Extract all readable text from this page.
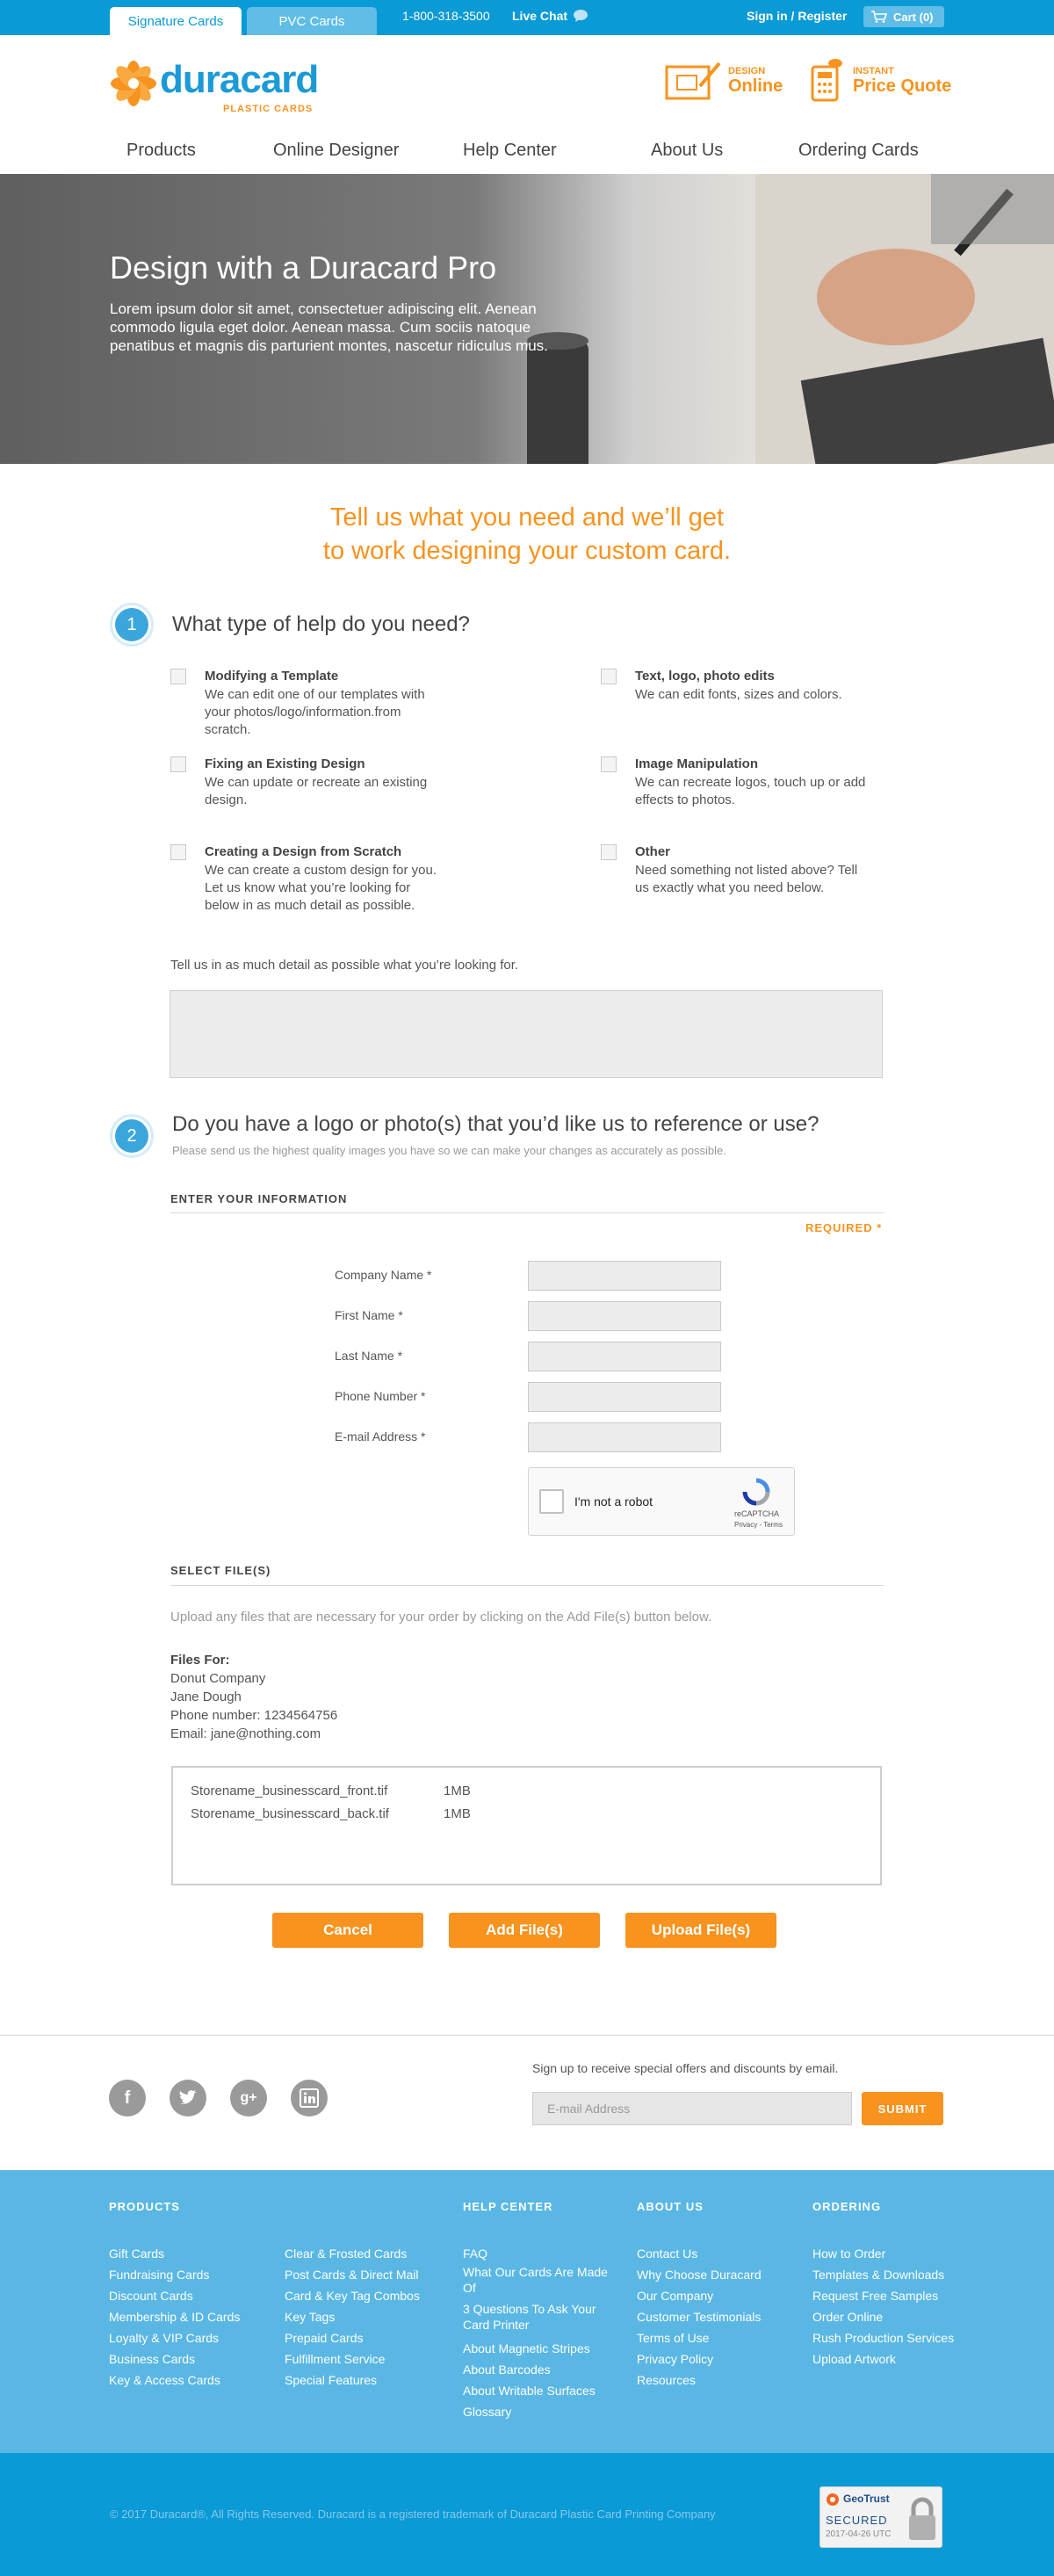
Signature Cards	PVC Cards	1-800-318-3500 Live Chat	Sign in / Register	Cart (0)
duracard
PLASTIC CARDS
DESIGN
Online
INSTANT
Price Quote
Products	Online Designer	Help Center	About Us	Ordering Cards
Design with a Duracard Pro
Lorem ipsum dolor sit amet, consectetuer adipiscing elit. Aenean commodo ligula eget dolor. Aenean massa. Cum sociis natoque penatibus et magnis dis parturient montes, nascetur ridiculus mus.
Tell us what you need and we’ll get
to work designing your custom card.
1	What type of help do you need?
Modifying a Template
We can edit one of our templates with
your photos/logo/information.from
scratch.
Fixing an Existing Design
We can update or recreate an existing
design.
Creating a Design from Scratch
We can create a custom design for you.
Let us know what you’re looking for
below in as much detail as possible.
Text, logo, photo edits
We can edit fonts, sizes and colors.
Image Manipulation
We can recreate logos, touch up or add
effects to photos.
Other
Need something not listed above? Tell
us exactly what you need below.
Tell us in as much detail as possible what you’re looking for.
2	Do you have a logo or photo(s) that you’d like us to reference or use?
Please send us the highest quality images you have so we can make your changes as accurately as possible.
ENTER YOUR INFORMATION
REQUIRED *
Company Name *
First Name *
Last Name *
Phone Number *
E-mail Address *
I'm not a robot
reCAPTCHA
Privacy - Terms
SELECT FILE(S)
Upload any files that are necessary for your order by clicking on the Add File(s) button below.
Files For:
Donut Company
Jane Dough
Phone number: 1234564756
Email: jane@nothing.com
Storename_businesscard_front.tif	1MB
Storename_businesscard_back.tif	1MB
Cancel	Add File(s)	Upload File(s)
f	g+
Sign up to receive special offers and discounts by email.
E-mail Address	SUBMIT
PRODUCTS
Gift Cards
Fundraising Cards
Discount Cards
Membership & ID Cards
Loyalty & VIP Cards
Business Cards
Key & Access Cards
Clear & Frosted Cards
Post Cards & Direct Mail
Card & Key Tag Combos
Key Tags
Prepaid Cards
Fulfillment Service
Special Features
HELP CENTER
FAQ
What Our Cards Are Made Of
3 Questions To Ask Your Card Printer
About Magnetic Stripes
About Barcodes
About Writable Surfaces
Glossary
ABOUT US
Contact Us
Why Choose Duracard
Our Company
Customer Testimonials
Terms of Use
Privacy Policy
Resources
ORDERING
How to Order
Templates & Downloads
Request Free Samples
Order Online
Rush Production Services
Upload Artwork
© 2017 Duracard®, All Rights Reserved. Duracard is a registered trademark of Duracard Plastic Card Printing Company
GeoTrust
SECURED
2017-04-26 UTC
